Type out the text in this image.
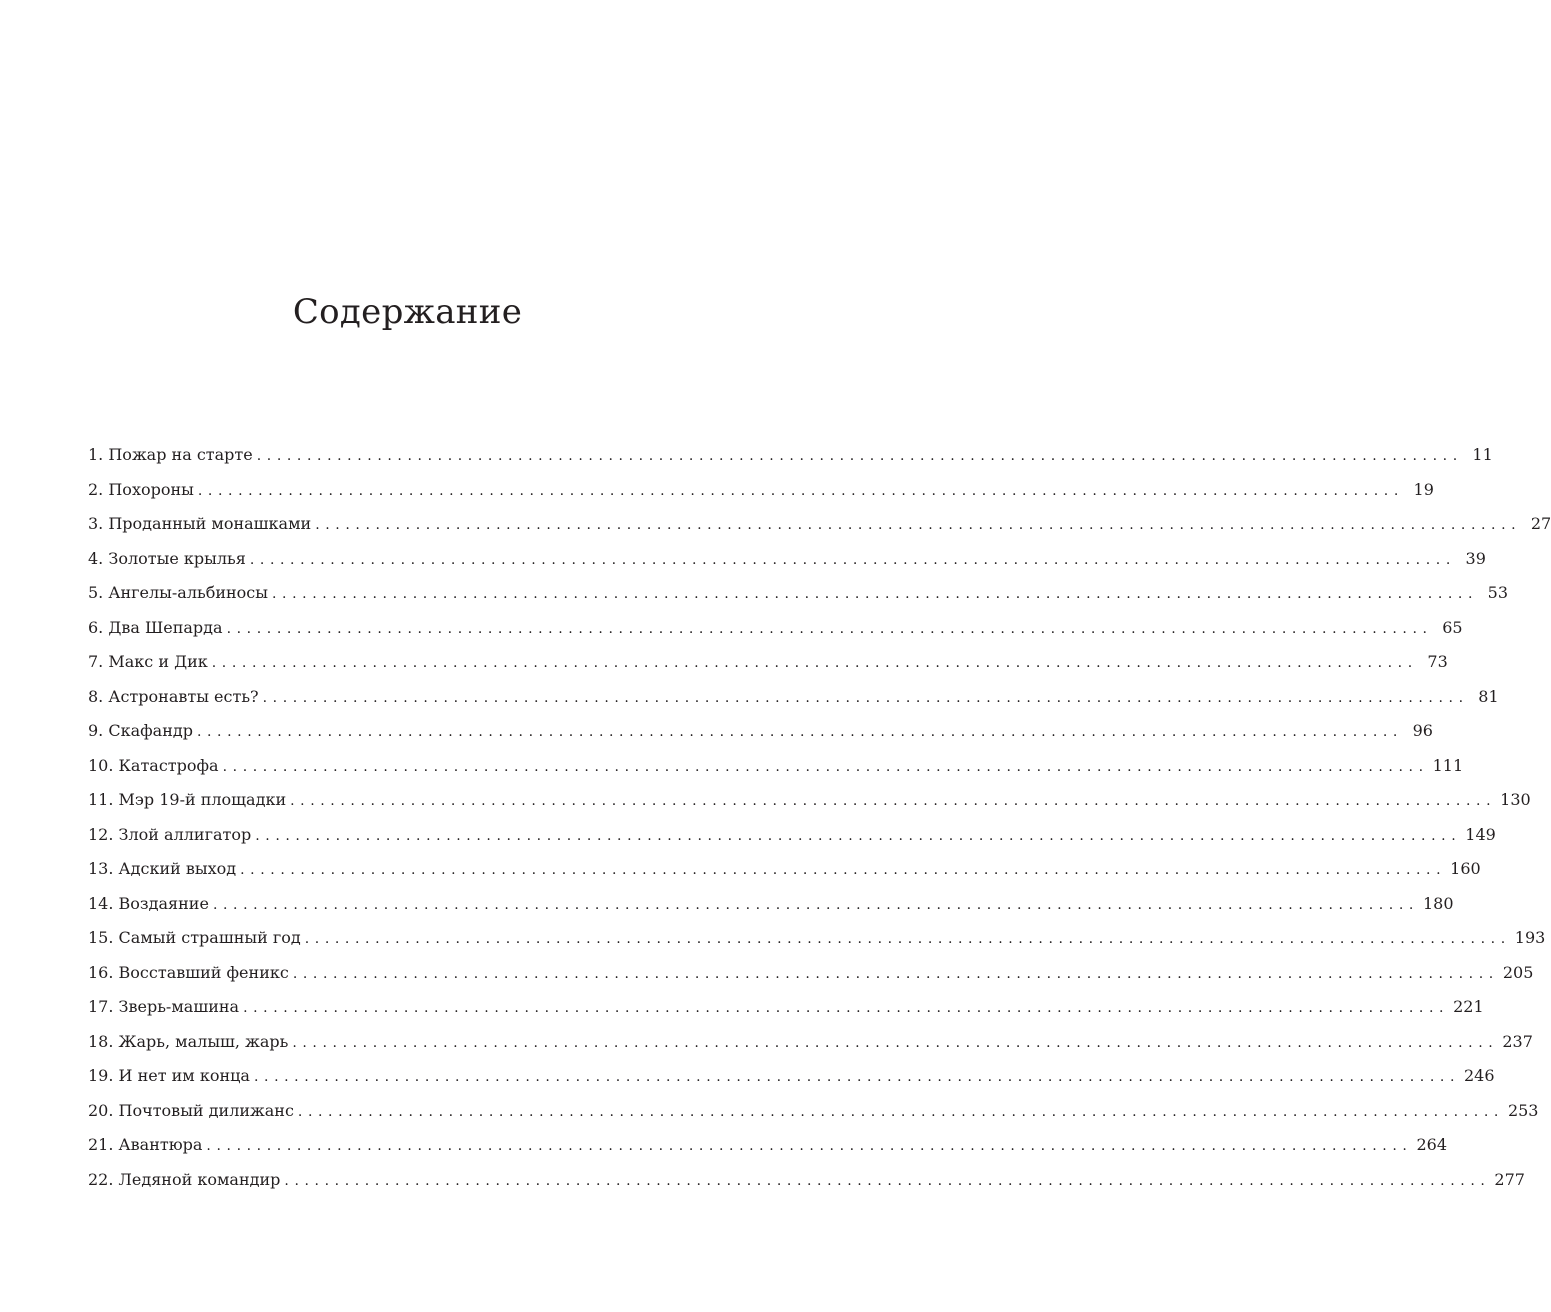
Содержание
1. Пожар на старте ........................................................................................................................ 11
2. Похороны ........................................................................................................................ 19
3. Проданный монашками ........................................................................................................................ 27
4. Золотые крылья ........................................................................................................................ 39
5. Ангелы-альбиносы ........................................................................................................................ 53
6. Два Шепарда ........................................................................................................................ 65
7. Макс и Дик ........................................................................................................................ 73
8. Астронавты есть? ........................................................................................................................ 81
9. Скафандр ........................................................................................................................ 96
10. Катастрофа ........................................................................................................................ 111
11. Мэр 19-й площадки ........................................................................................................................ 130
12. Злой аллигатор ........................................................................................................................ 149
13. Адский выход ........................................................................................................................ 160
14. Воздаяние ........................................................................................................................ 180
15. Самый страшный год ........................................................................................................................ 193
16. Восставший феникс ........................................................................................................................ 205
17. Зверь-машина ........................................................................................................................ 221
18. Жарь, малыш, жарь ........................................................................................................................ 237
19. И нет им конца ........................................................................................................................ 246
20. Почтовый дилижанс ........................................................................................................................ 253
21. Авантюра ........................................................................................................................ 264
22. Ледяной командир ........................................................................................................................ 277
